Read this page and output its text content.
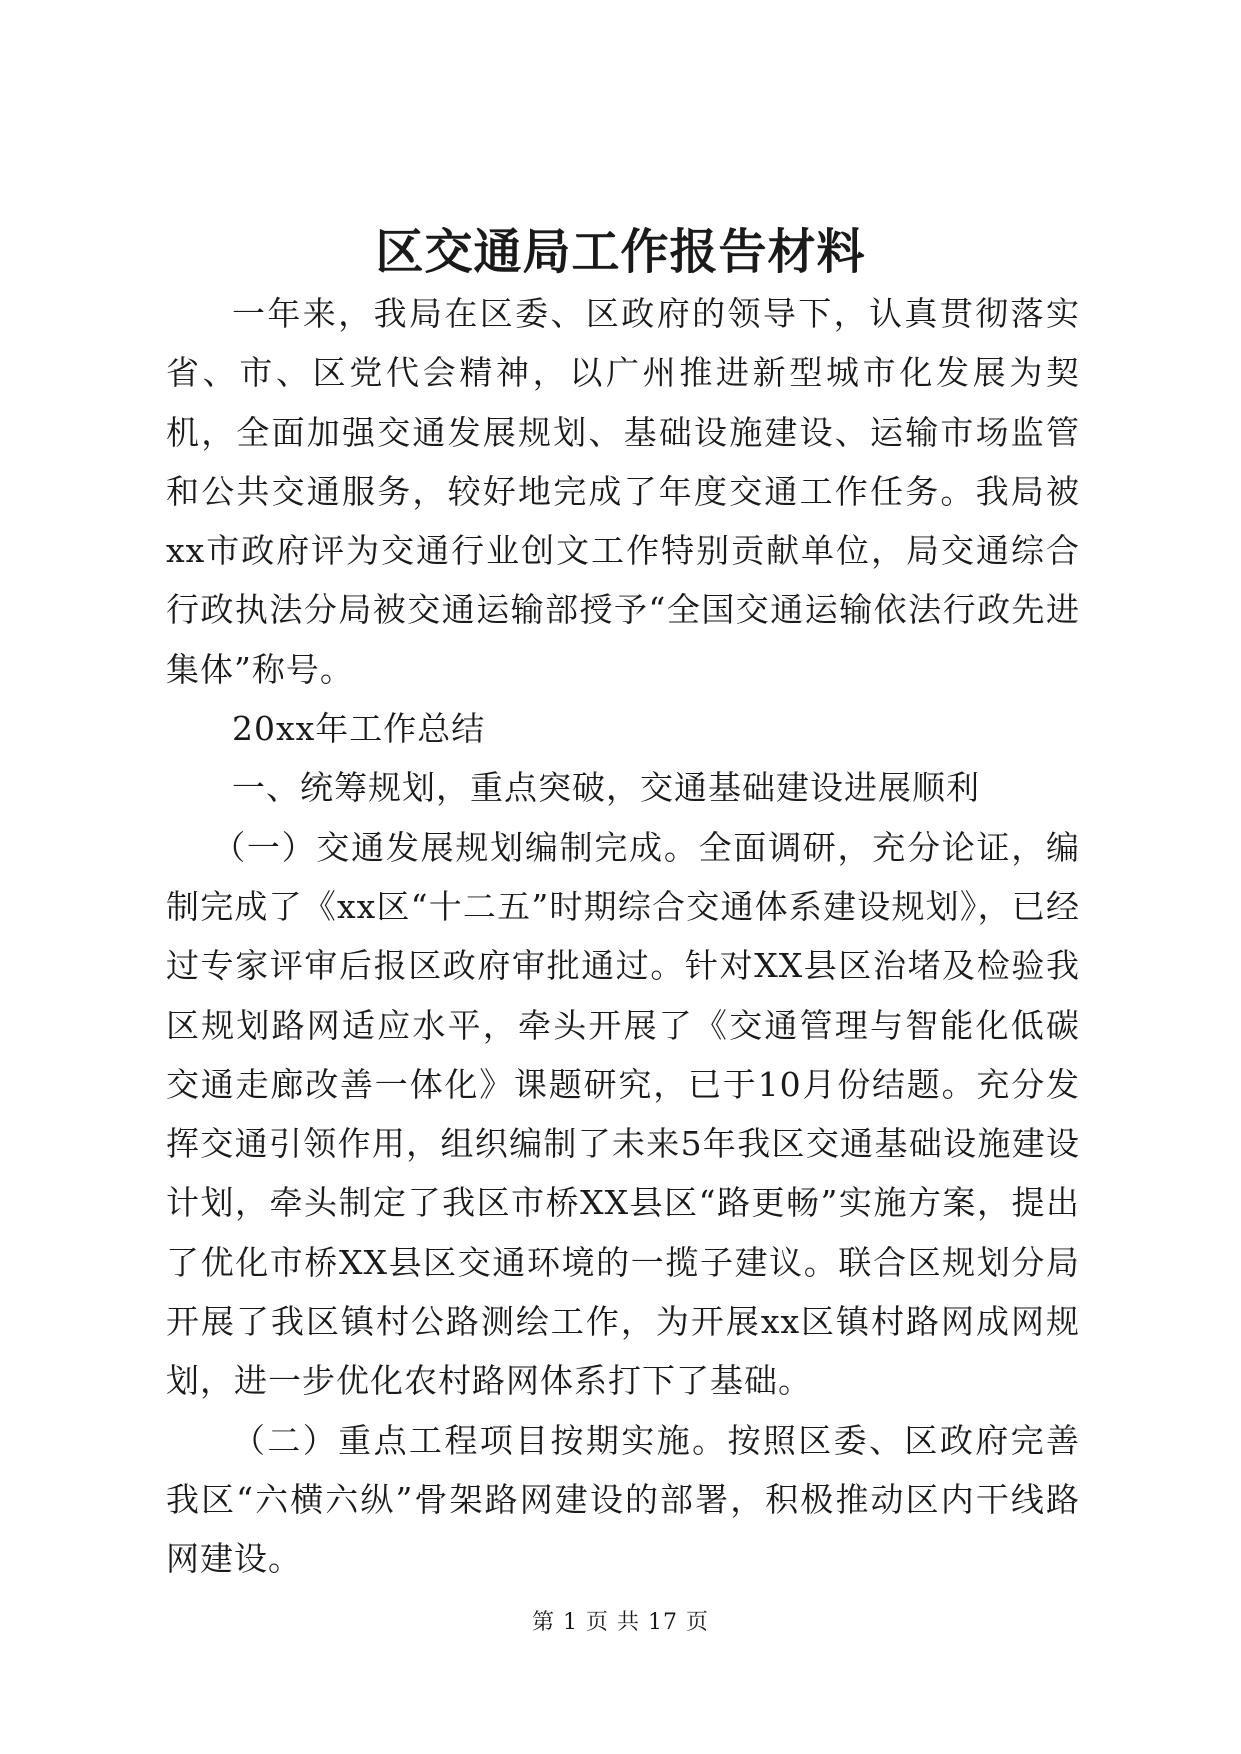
区交通局工作报告材料

一年来，我局在区委、区政府的领导下，认真贯彻落实省、市、区党代会精神，以广州推进新型城市化发展为契机，全面加强交通发展规划、基础设施建设、运输市场监管和公共交通服务，较好地完成了年度交通工作任务。我局被xx市政府评为交通行业创文工作特别贡献单位，局交通综合行政执法分局被交通运输部授予“全国交通运输依法行政先进集体”称号。

20xx年工作总结

一、统筹规划，重点突破，交通基础建设进展顺利

（一）交通发展规划编制完成。全面调研，充分论证，编制完成了《xx区“十二五”时期综合交通体系建设规划》，已经过专家评审后报区政府审批通过。针对XX县区治堵及检验我区规划路网适应水平，牵头开展了《交通管理与智能化低碳交通走廊改善一体化》课题研究，已于10月份结题。充分发挥交通引领作用，组织编制了未来5年我区交通基础设施建设计划，牵头制定了我区市桥XX县区“路更畅”实施方案，提出了优化市桥XX县区交通环境的一揽子建议。联合区规划分局开展了我区镇村公路测绘工作，为开展xx区镇村路网成网规划，进一步优化农村路网体系打下了基础。

（二）重点工程项目按期实施。按照区委、区政府完善我区“六横六纵”骨架路网建设的部署，积极推动区内干线路网建设。

第 1 页 共 17 页
